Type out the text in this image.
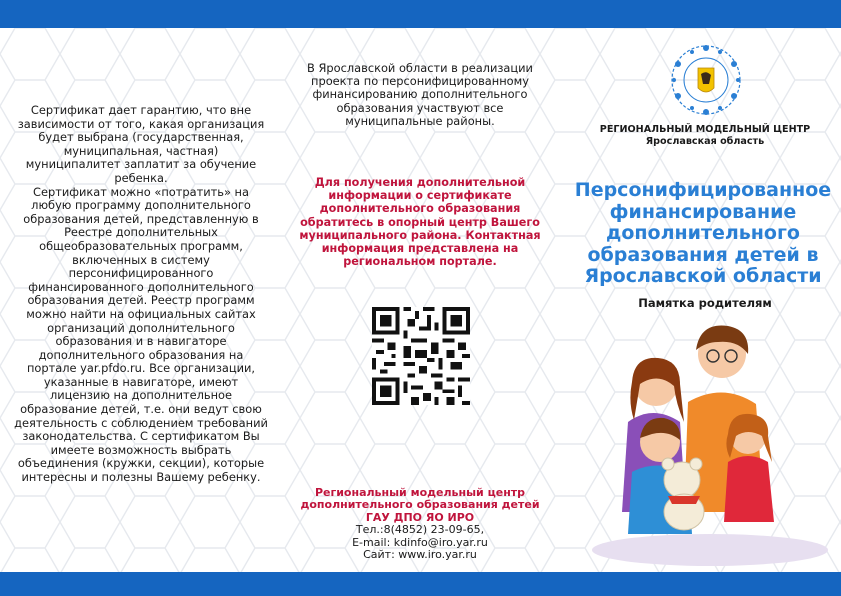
Сертификат дает гарантию, что вне
зависимости от того, какая организация
будет выбрана (государственная,
муниципальная, частная)
муниципалитет заплатит за обучение
ребенка.
Сертификат можно «потратить» на
любую программу дополнительного
образования детей, представленную в
Реестре дополнительных
общеобразовательных программ,
включенных в систему
персонифицированного
финансированного дополнительного
образования детей. Реестр программ
можно найти на официальных сайтах
организаций дополнительного
образования и в навигаторе
дополнительного образования на
портале yar.pfdo.ru. Все организации,
указанные в навигаторе, имеют
лицензию на дополнительное
образование детей, т.е. они ведут свою
деятельность с соблюдением требований
законодательства. С сертификатом Вы
имеете возможность выбрать
объединения (кружки, секции), которые
интересны и полезны Вашему ребенку.
В Ярославской области в реализации
проекта по персонифицированному
финансированию дополнительного
образования участвуют все
муниципальные районы.
Для получения дополнительной
информации о сертификате
дополнительного образования
обратитесь в опорный центр Вашего
муниципального района. Контактная
информация представлена на
региональном портале.
Региональный модельный центр
дополнительного образования детей
ГАУ ДПО ЯО ИРО
Тел.:8(4852) 23-09-65,
E-mail: kdinfo@iro.yar.ru
Сайт: www.iro.yar.ru
РЕГИОНАЛЬНЫЙ МОДЕЛЬНЫЙ ЦЕНТР
Ярославская область
Персонифицированное
финансирование
дополнительного
образования детей в
Ярославской области
Памятка родителям
